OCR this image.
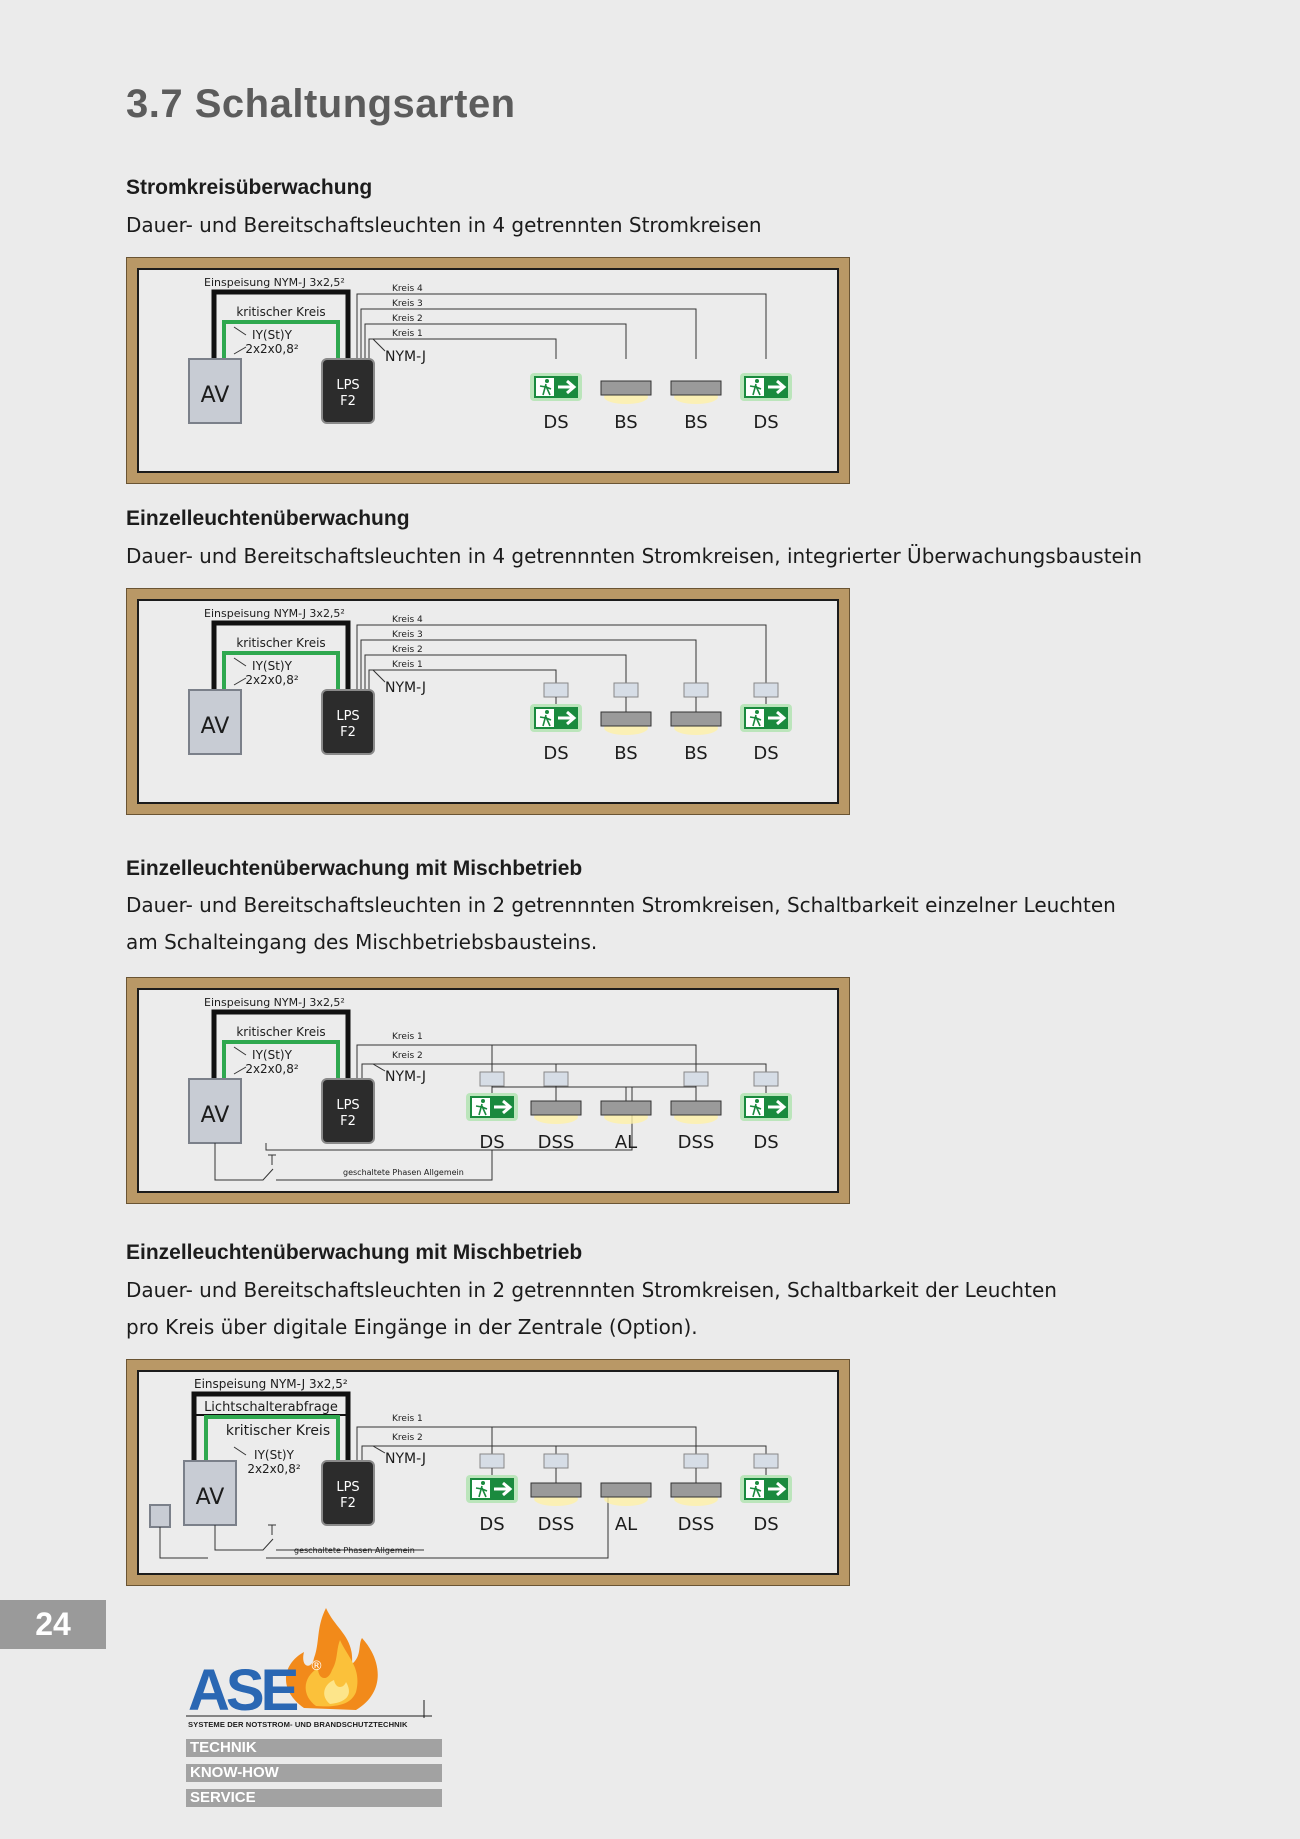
3.7 Schaltungsarten
Stromkreisüberwachung

Dauer- und Bereitschaftsleuchten in 4 getrennten Stromkreisen

Einspeisung NYM-J 3x2,5²
kritischer Kreis
IY(St)Y
2x2x0,8²
Kreis 4
Kreis 3
Kreis 2
Kreis 1
NYM-J
AV	LPS
F2
DS	BS	BS	DS
Einzelleuchtenüberwachung

Dauer- und Bereitschaftsleuchten in 4 getrennnten Stromkreisen, integrierter Überwachungsbaustein

Einspeisung NYM-J 3x2,5²
kritischer Kreis
IY(St)Y
2x2x0,8²
Kreis 4
Kreis 3
Kreis 2
Kreis 1
NYM-J
AV	LPS
F2
DS	BS	BS	DS
Einzelleuchtenüberwachung mit Mischbetrieb

Dauer- und Bereitschaftsleuchten in 2 getrennnten Stromkreisen, Schaltbarkeit einzelner Leuchten
am Schalteingang des Mischbetriebsbausteins.

Einspeisung NYM-J 3x2,5²
kritischer Kreis
IY(St)Y
2x2x0,8²
Kreis 1
Kreis 2
NYM-J
AV	LPS
F2
geschaltete Phasen Allgemein
DS DSS AL DSS DS
Einzelleuchtenüberwachung mit Mischbetrieb

Dauer- und Bereitschaftsleuchten in 2 getrennnten Stromkreisen, Schaltbarkeit der Leuchten
pro Kreis über digitale Eingänge in der Zentrale (Option).

Einspeisung NYM-J 3x2,5²
Lichtschalterabfrage
kritischer Kreis
IY(St)Y
2x2x0,8²
Kreis 1
Kreis 2
NYM-J
AV	LPS
F2
geschaltete Phasen Allgemein
DS DSS AL DSS DS
24
ASE ®

SYSTEME DER NOTSTROM- UND BRANDSCHUTZTECHNIK

TECHNIK
KNOW-HOW
SERVICE
